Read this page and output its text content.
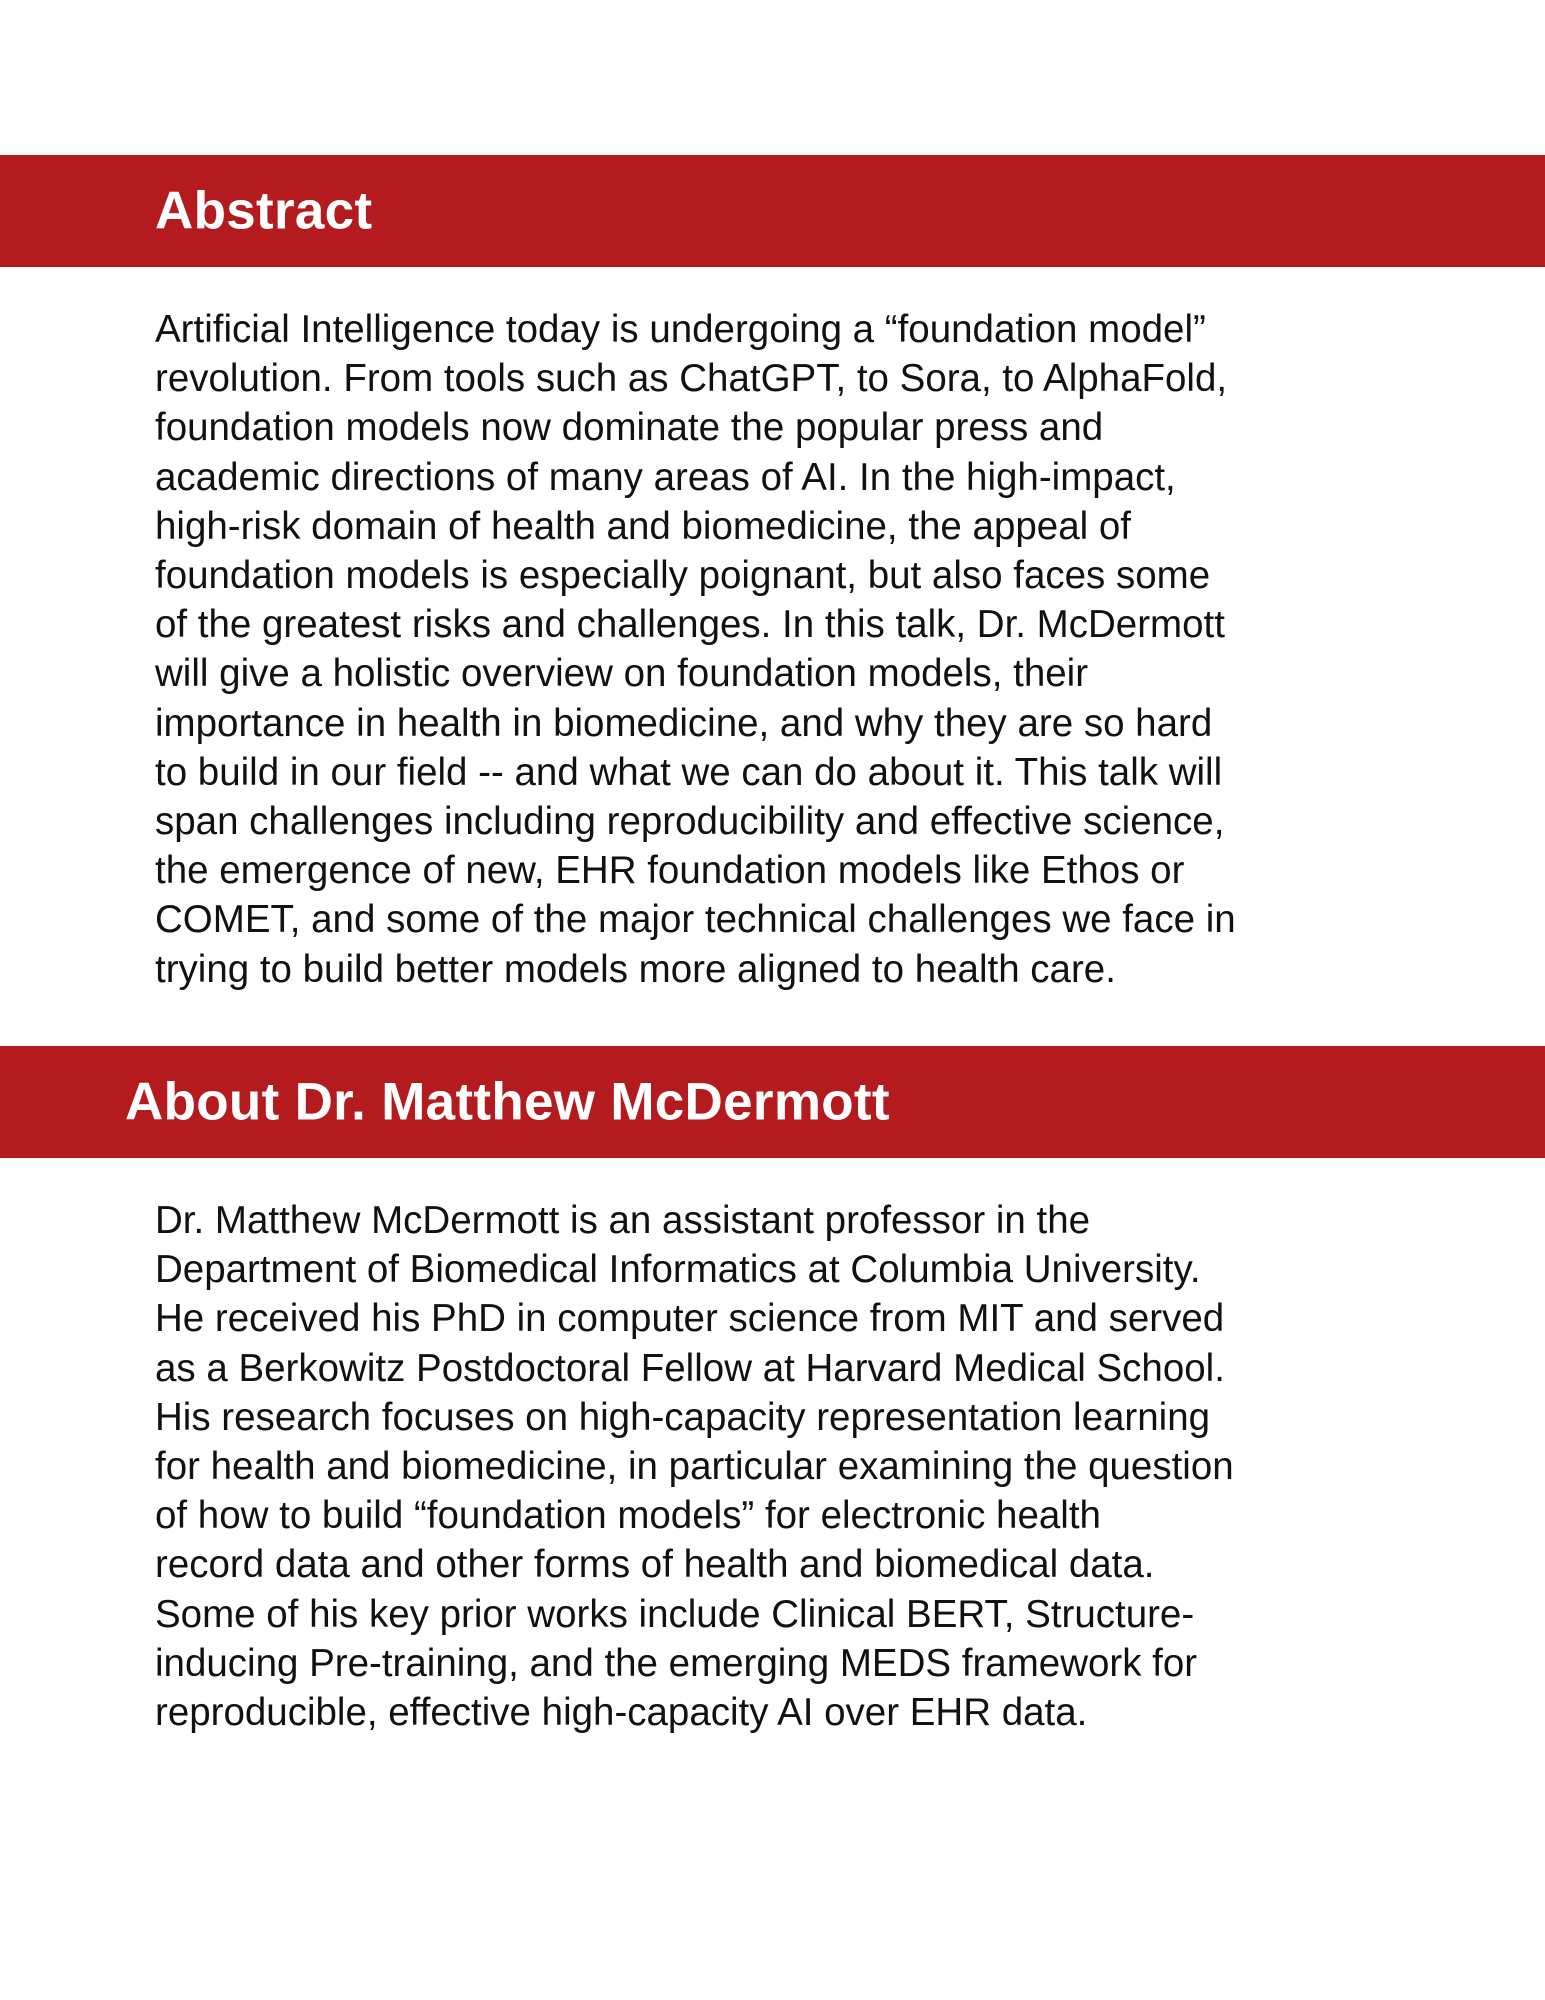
Abstract
Artificial Intelligence today is undergoing a “foundation model”
revolution. From tools such as ChatGPT, to Sora, to AlphaFold,
foundation models now dominate the popular press and
academic directions of many areas of AI. In the high-impact,
high-risk domain of health and biomedicine, the appeal of
foundation models is especially poignant, but also faces some
of the greatest risks and challenges. In this talk, Dr. McDermott
will give a holistic overview on foundation models, their
importance in health in biomedicine, and why they are so hard
to build in our field -- and what we can do about it. This talk will
span challenges including reproducibility and effective science,
the emergence of new, EHR foundation models like Ethos or
COMET, and some of the major technical challenges we face in
trying to build better models more aligned to health care.
About Dr. Matthew McDermott
Dr. Matthew McDermott is an assistant professor in the
Department of Biomedical Informatics at Columbia University.
He received his PhD in computer science from MIT and served
as a Berkowitz Postdoctoral Fellow at Harvard Medical School.
His research focuses on high-capacity representation learning
for health and biomedicine, in particular examining the question
of how to build “foundation models” for electronic health
record data and other forms of health and biomedical data.
Some of his key prior works include Clinical BERT, Structure-
inducing Pre-training, and the emerging MEDS framework for
reproducible, effective high-capacity AI over EHR data.
